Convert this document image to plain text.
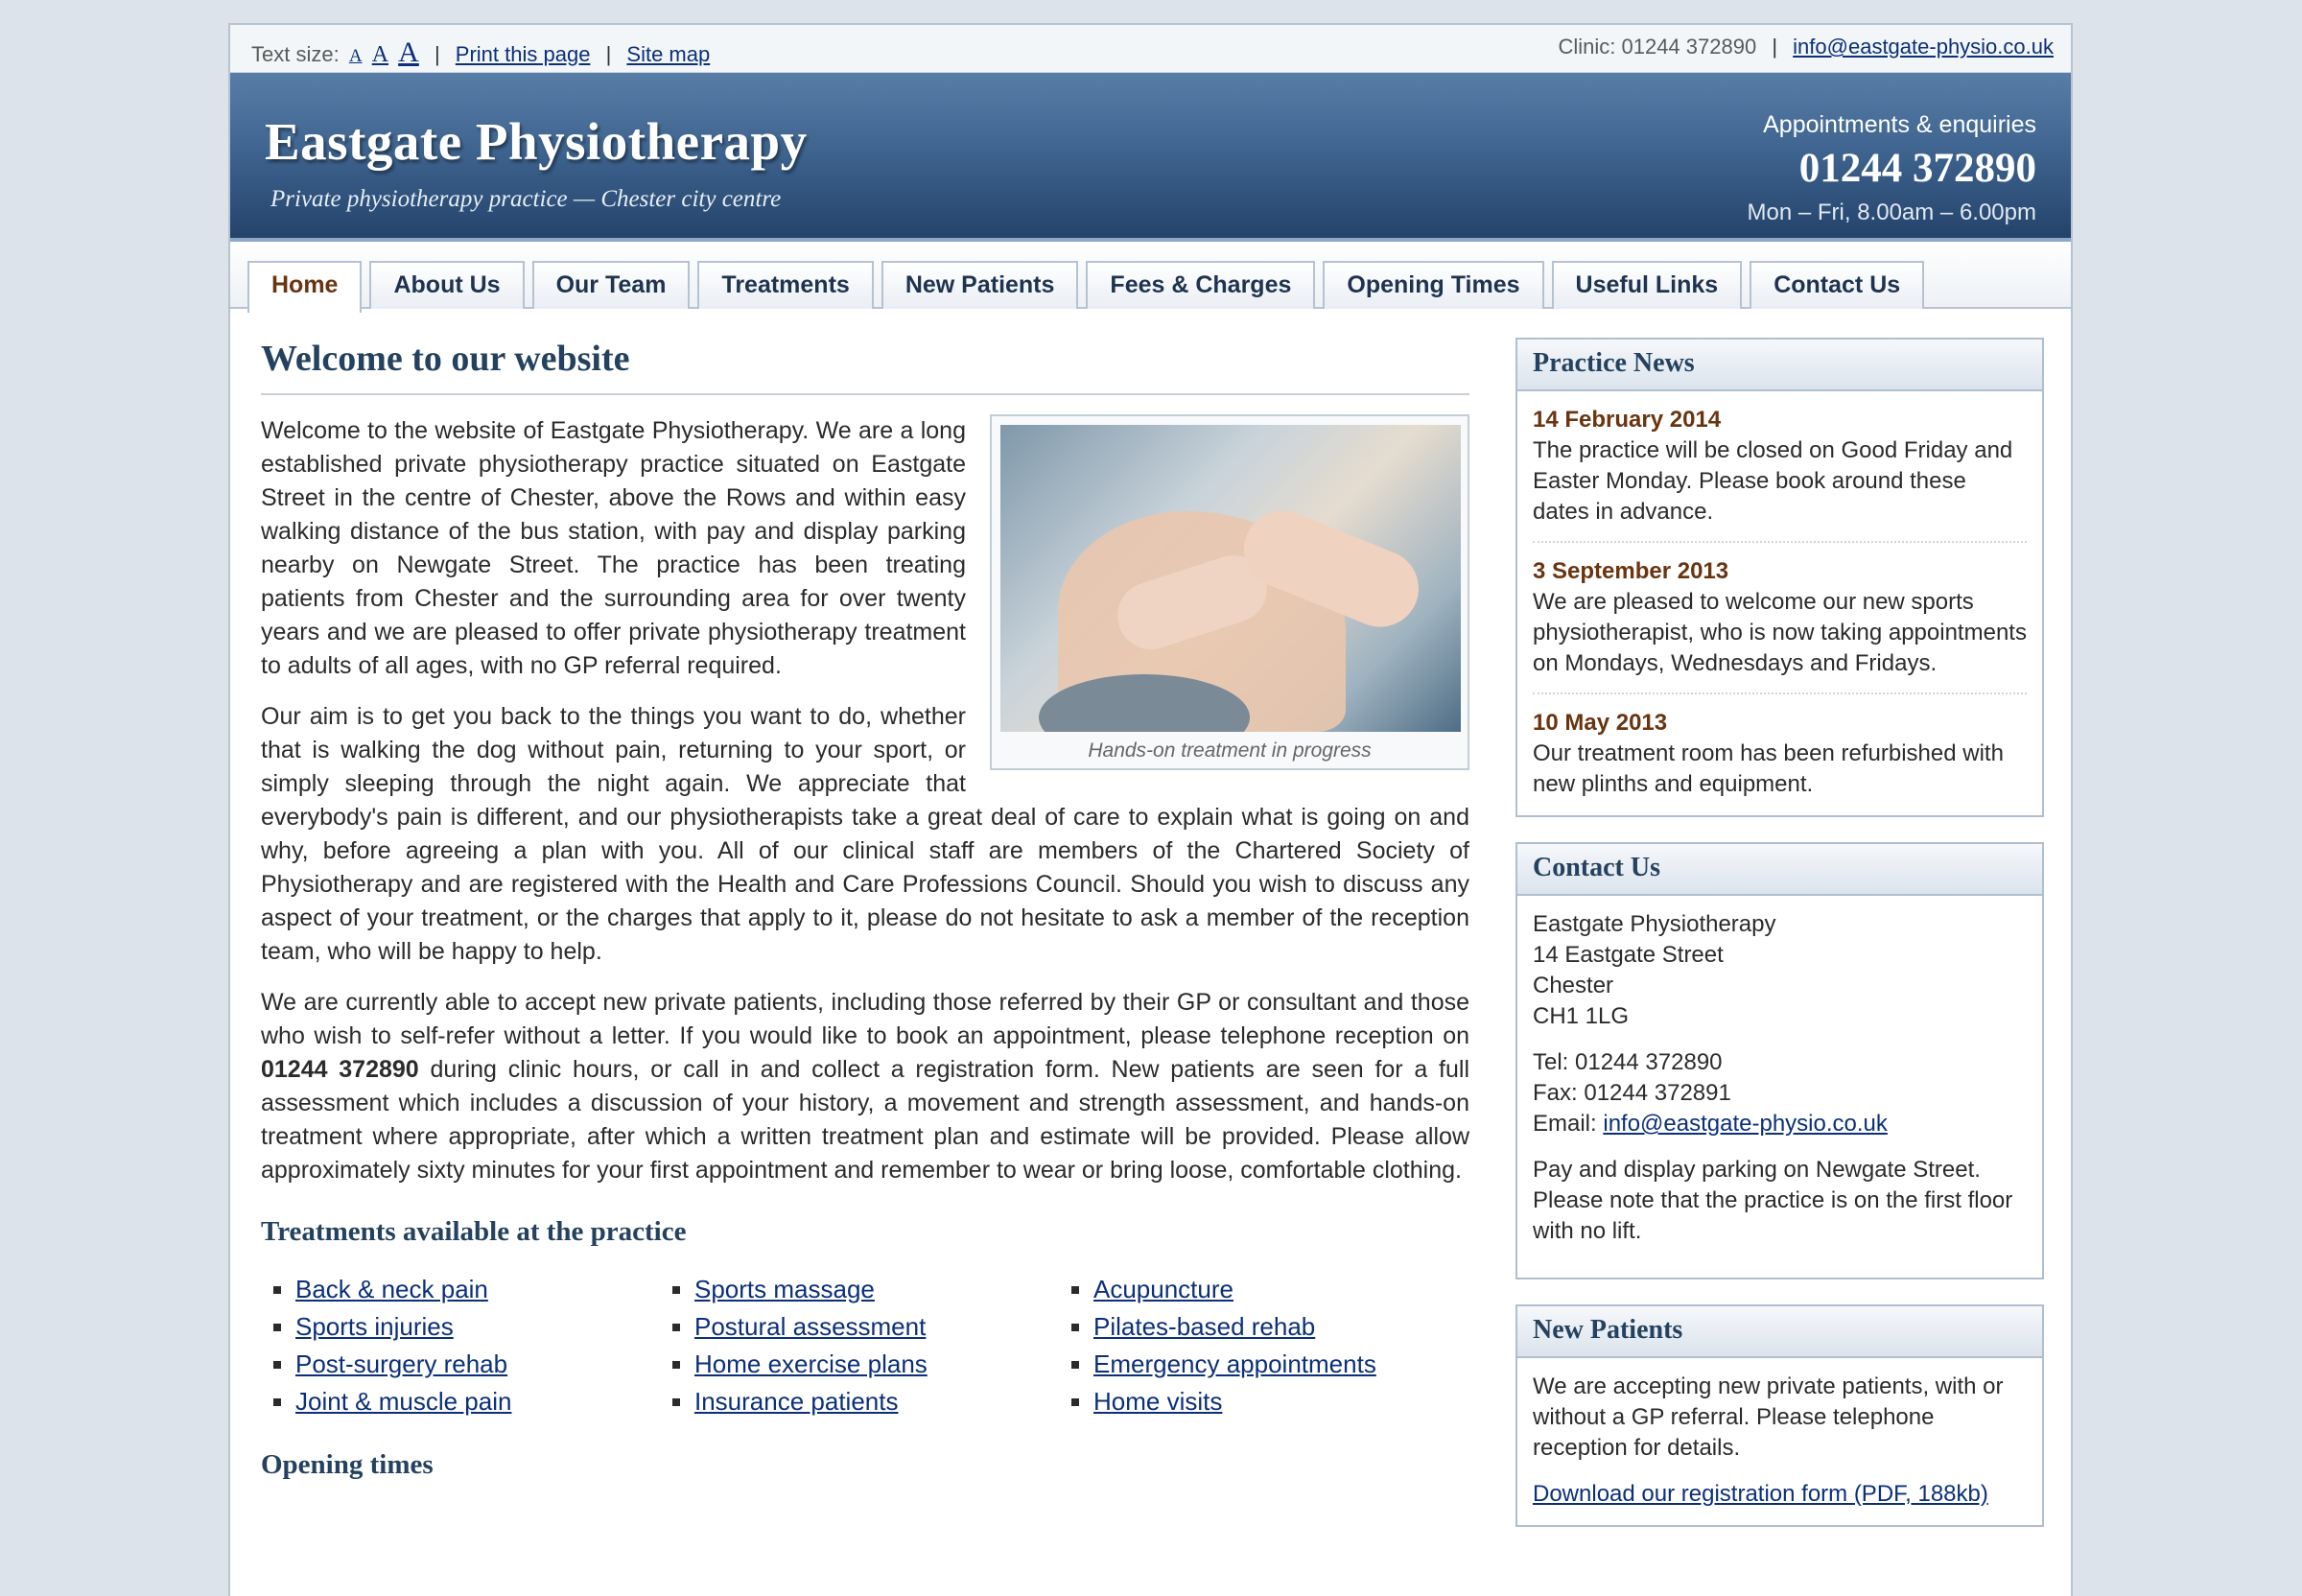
Text size: A A A | Print this page | Site map	Clinic: 01244 372890 | info@eastgate-physio.co.uk
Eastgate Physiotherapy
Private physiotherapy practice — Chester city centre
Appointments & enquiries
01244 372890
Mon – Fri, 8.00am – 6.00pm
Home	About Us	Our Team	Treatments	New Patients	Fees & Charges	Opening Times	Useful Links	Contact Us
Welcome to our website
Hands-on treatment in progress

Welcome to the website of Eastgate Physiotherapy. We are a long established private physiotherapy practice situated on Eastgate Street in the centre of Chester, above the Rows and within easy walking distance of the bus station, with pay and display parking nearby on Newgate Street. The practice has been treating patients from Chester and the surrounding area for over twenty years and we are pleased to offer private physiotherapy treatment to adults of all ages, with no GP referral required.

Our aim is to get you back to the things you want to do, whether that is walking the dog without pain, returning to your sport, or simply sleeping through the night again. We appreciate that everybody's pain is different, and our physiotherapists take a great deal of care to explain what is going on and why, before agreeing a plan with you. All of our clinical staff are members of the Chartered Society of Physiotherapy and are registered with the Health and Care Professions Council. Should you wish to discuss any aspect of your treatment, or the charges that apply to it, please do not hesitate to ask a member of the reception team, who will be happy to help.

We are currently able to accept new private patients, including those referred by their GP or consultant and those who wish to self-refer without a letter. If you would like to book an appointment, please telephone reception on 01244 372890 during clinic hours, or call in and collect a registration form. New patients are seen for a full assessment which includes a discussion of your history, a movement and strength assessment, and hands-on treatment where appropriate, after which a written treatment plan and estimate will be provided. Please allow approximately sixty minutes for your first appointment and remember to wear or bring loose, comfortable clothing.

Treatments available at the practice
▪ Back & neck pain
▪ Sports injuries
▪ Post-surgery rehab
▪ Joint & muscle pain
▪ Sports massage
▪ Postural assessment
▪ Home exercise plans
▪ Insurance patients
▪ Acupuncture
▪ Pilates-based rehab
▪ Emergency appointments
▪ Home visits
Opening times
Practice News
14 February 2014
The practice will be closed on Good Friday and Easter Monday. Please book around these dates in advance.
3 September 2013
We are pleased to welcome our new sports physiotherapist, who is now taking appointments on Mondays, Wednesdays and Fridays.
10 May 2013
Our treatment room has been refurbished with new plinths and equipment.
Contact Us

Eastgate Physiotherapy
14 Eastgate Street
Chester
CH1 1LG

Tel: 01244 372890
Fax: 01244 372891
Email: info@eastgate-physio.co.uk

Pay and display parking on Newgate Street. Please note that the practice is on the first floor with no lift.

New Patients

We are accepting new private patients, with or without a GP referral. Please telephone reception for details.

Download our registration form (PDF, 188kb)
